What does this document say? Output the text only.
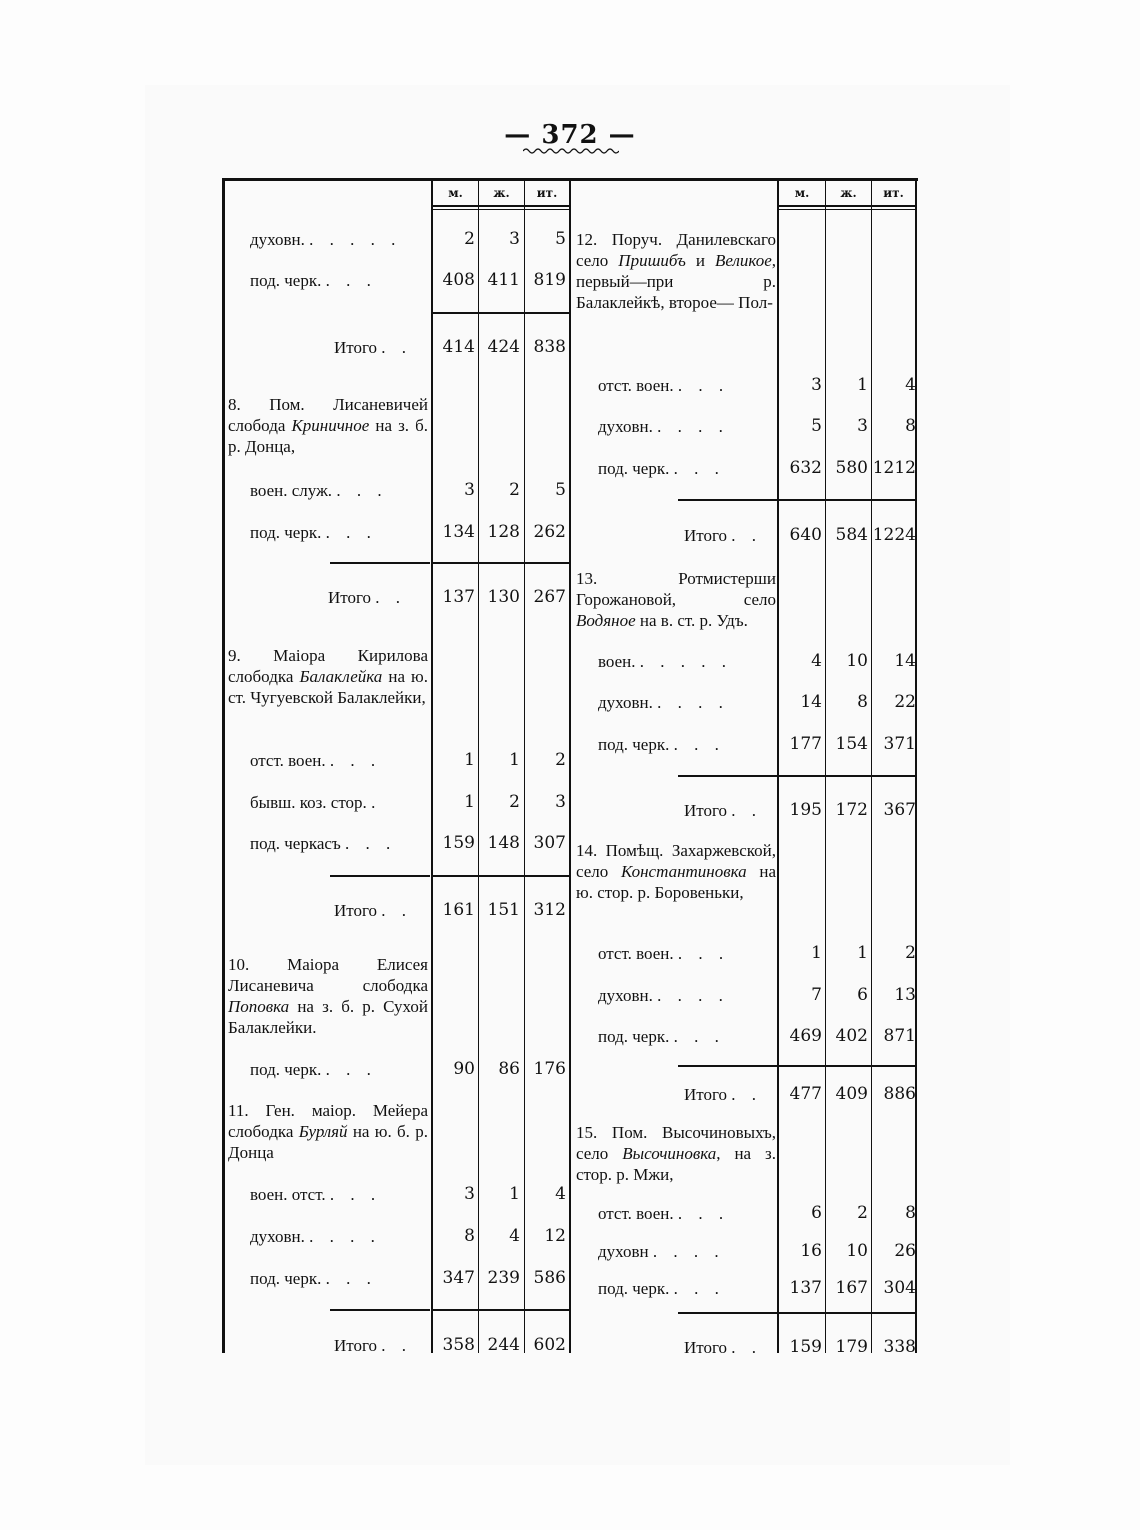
— 372 —
м.	ж.	ит.	м.	ж.	ит.
духовн. . . . . .	2	3	5
под. черк. . . .	408 411 819
Итого . .	414 424 838
8. Пом. Лисаневичей слобода Криничное на з. б. р. Донца,
воен. служ. . . .	3	2	5
под. черк. . . .	134 128 262
Итого . .	137 130 267
9. Маіора Кирилова слободка Балаклейка на ю. ст. Чугуевской Балаклейки,
отст. воен. . . .	1	1	2
бывш. коз. стор. .	1	2	3
под. черкасъ . . .	159 148 307
Итого . .	161 151 312
10. Маіора Елисея Лисаневича слободка Поповка на з. б. р. Сухой Балаклейки.
под. черк. . . .	90	86 176
11. Ген. маіор. Мейера слободка Бурляй на ю. б. р. Донца
воен. отст. . . .	3	1	4
духовн. . . . .	8	4	12
под. черк. . . .	347 239 586
Итого . .	358 244 602
12. Поруч. Данилевскаго село Пришибъ и Великое, первый—при р. Балаклейкѣ, второе— Пол-
отст. воен. . . .	3	1	4
духовн. . . . .	5	3	8
под. черк. . . .	632 580 1212
Итого . .	640 584 1224
13. Ротмистерши Горожановой, село Водяное на в. ст. р. Удъ.
воен. . . . . .	4	10	14
духовн. . . . .	14	8	22
под. черк. . . .	177 154 371
Итого . .	195 172 367
14. Помѣщ. Захаржевской, село Константиновка на ю. стор. р. Боровеньки,
отст. воен. . . .	1	1	2
духовн. . . . .	7	6	13
под. черк. . . .	469 402 871
Итого . .	477 409 886
15. Пом. Высочиновыхъ, село Высочиновка, на з. стор. р. Мжи,
отст. воен. . . .	6	2	8
духовн . . . .	16	10	26
под. черк. . . .	137 167 304
Итого . .	159 179 338
